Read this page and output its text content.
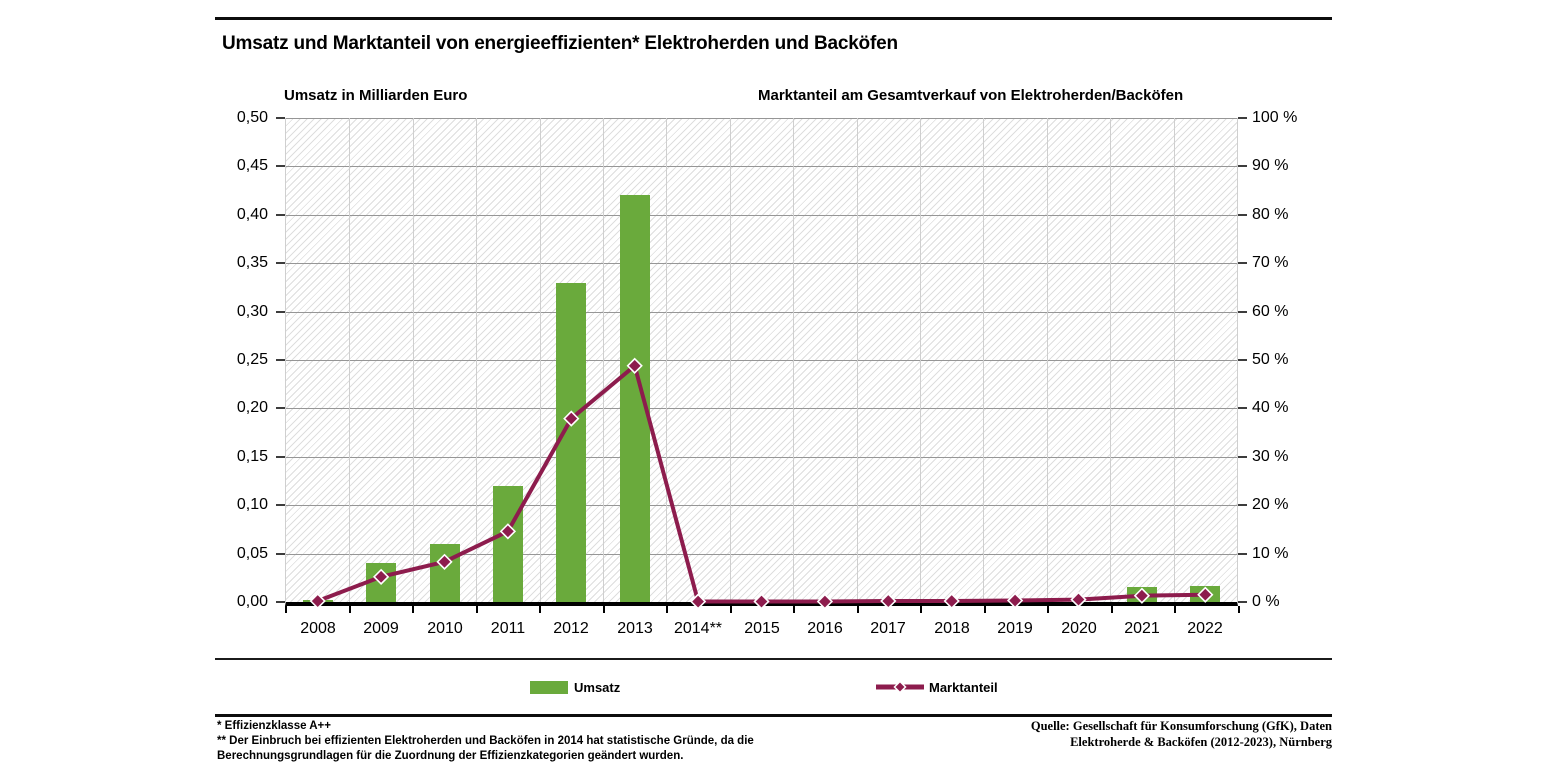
Umsatz und Marktanteil von energieeffizienten* Elektroherden und Backöfen
Umsatz in Milliarden Euro	Marktanteil am Gesamtverkauf von Elektroherden/Backöfen
Umsatz	Marktanteil
* Effizienzklasse A++
** Der Einbruch bei effizienten Elektroherden und Backöfen in 2014 hat statistische Gründe, da die
Berechnungsgrundlagen für die Zuordnung der Effizienzkategorien geändert wurden.
Quelle: Gesellschaft für Konsumforschung (GfK), Daten
Elektroherde & Backöfen (2012-2023), Nürnberg
0,50	100 %
0,45	90 %
0,40	80 %
0,35	70 %
0,30	60 %
0,25	50 %
0,20	40 %
0,15	30 %
0,10	20 %
0,05	10 %
0,00	0 %
2008	2009	2010	2011	2012	2013	2014**	2015	2016	2017	2018	2019	2020	2021	2022
